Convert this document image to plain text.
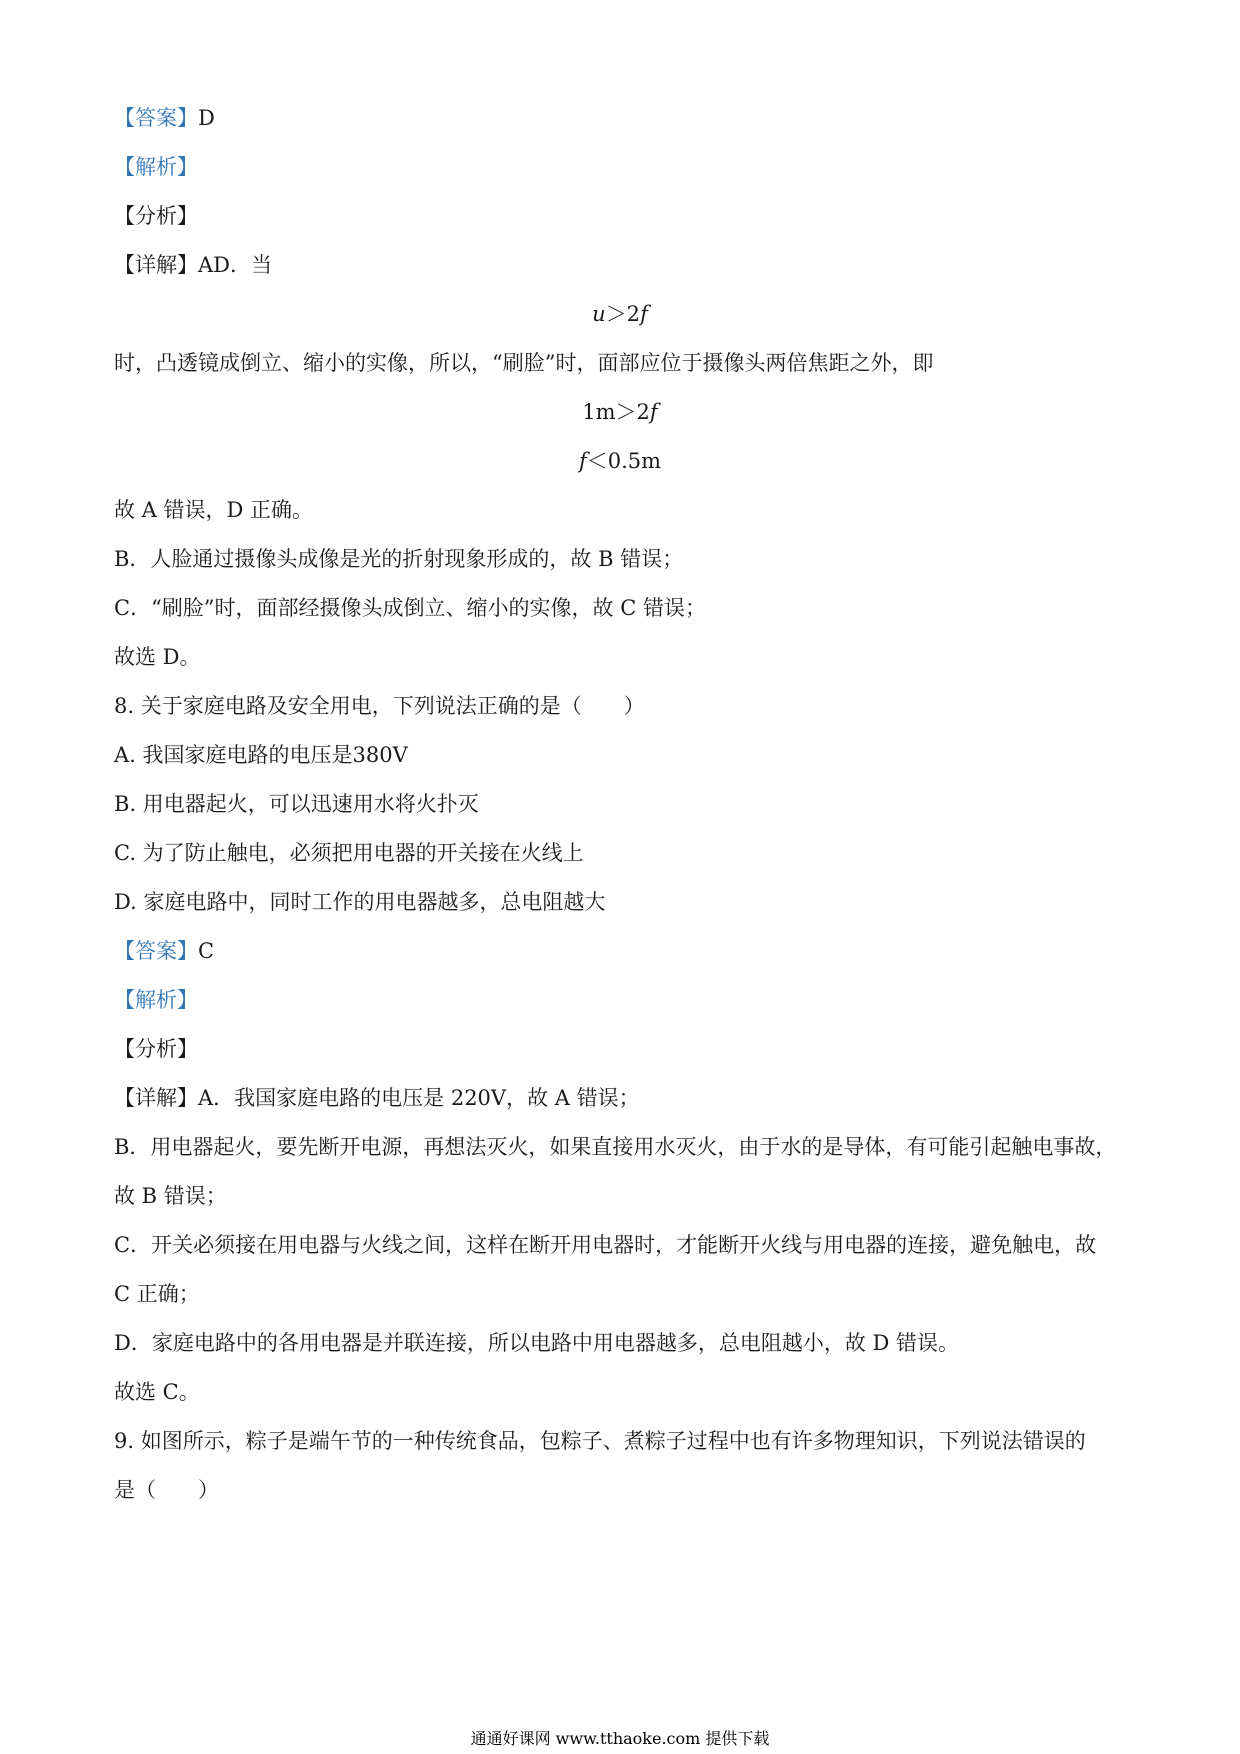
【答案】D
【解析】
【分析】
【详解】AD．当
u＞2f
时，凸透镜成倒立、缩小的实像，所以，“刷脸”时，面部应位于摄像头两倍焦距之外，即
1m＞2f
f＜0.5m
故 A 错误，D 正确。
B．人脸通过摄像头成像是光的折射现象形成的，故 B 错误；
C．“刷脸”时，面部经摄像头成倒立、缩小的实像，故 C 错误；
故选 D。
8. 关于家庭电路及安全用电，下列说法正确的是（　　）
A. 我国家庭电路的电压是380V
B. 用电器起火，可以迅速用水将火扑灭
C. 为了防止触电，必须把用电器的开关接在火线上
D. 家庭电路中，同时工作的用电器越多，总电阻越大
【答案】C
【解析】
【分析】
【详解】A．我国家庭电路的电压是 220V，故 A 错误；
B．用电器起火，要先断开电源，再想法灭火，如果直接用水灭火，由于水的是导体，有可能引起触电事故，
故 B 错误；
C．开关必须接在用电器与火线之间，这样在断开用电器时，才能断开火线与用电器的连接，避免触电，故
C 正确；
D．家庭电路中的各用电器是并联连接，所以电路中用电器越多，总电阻越小，故 D 错误。
故选 C。
9. 如图所示，粽子是端午节的一种传统食品，包粽子、煮粽子过程中也有许多物理知识，下列说法错误的
是（　　）
通通好课网 www.tthaoke.com 提供下载
